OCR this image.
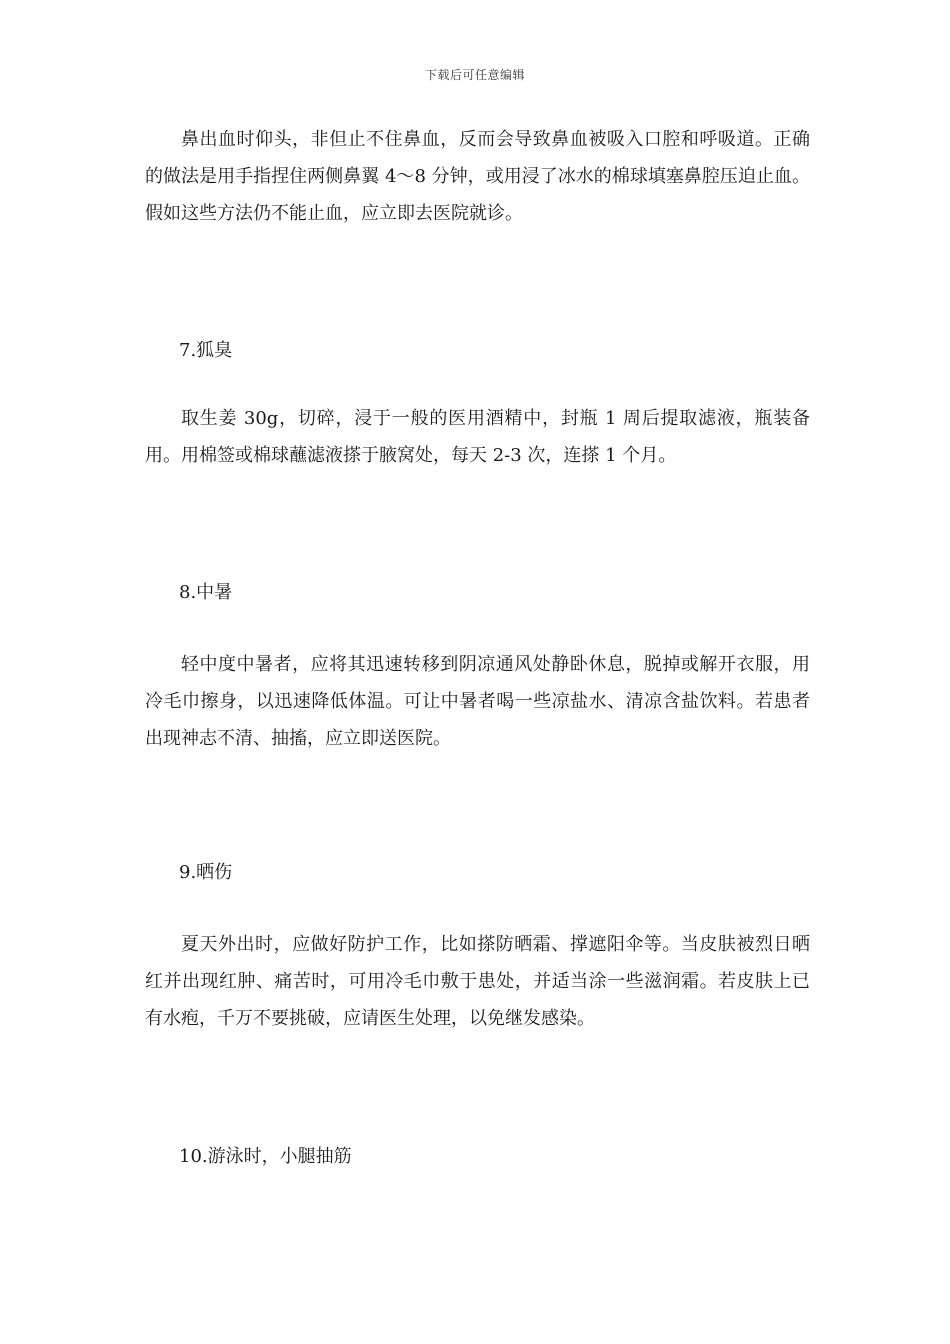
下载后可任意编辑

鼻出血时仰头，非但止不住鼻血，反而会导致鼻血被吸入口腔和呼吸道。正确的做法是用手指捏住两侧鼻翼 4～8 分钟，或用浸了冰水的棉球填塞鼻腔压迫止血。假如这些方法仍不能止血，应立即去医院就诊。

7.狐臭

取生姜 30g，切碎，浸于一般的医用酒精中，封瓶 1 周后提取滤液，瓶装备用。用棉签或棉球蘸滤液搽于腋窝处，每天 2-3 次，连搽 1 个月。

8.中暑

轻中度中暑者，应将其迅速转移到阴凉通风处静卧休息，脱掉或解开衣服，用冷毛巾擦身，以迅速降低体温。可让中暑者喝一些凉盐水、清凉含盐饮料。若患者出现神志不清、抽搐，应立即送医院。

9.晒伤

夏天外出时，应做好防护工作，比如搽防晒霜、撑遮阳伞等。当皮肤被烈日晒红并出现红肿、痛苦时，可用冷毛巾敷于患处，并适当涂一些滋润霜。若皮肤上已有水疱，千万不要挑破，应请医生处理，以免继发感染。

10.游泳时，小腿抽筋
